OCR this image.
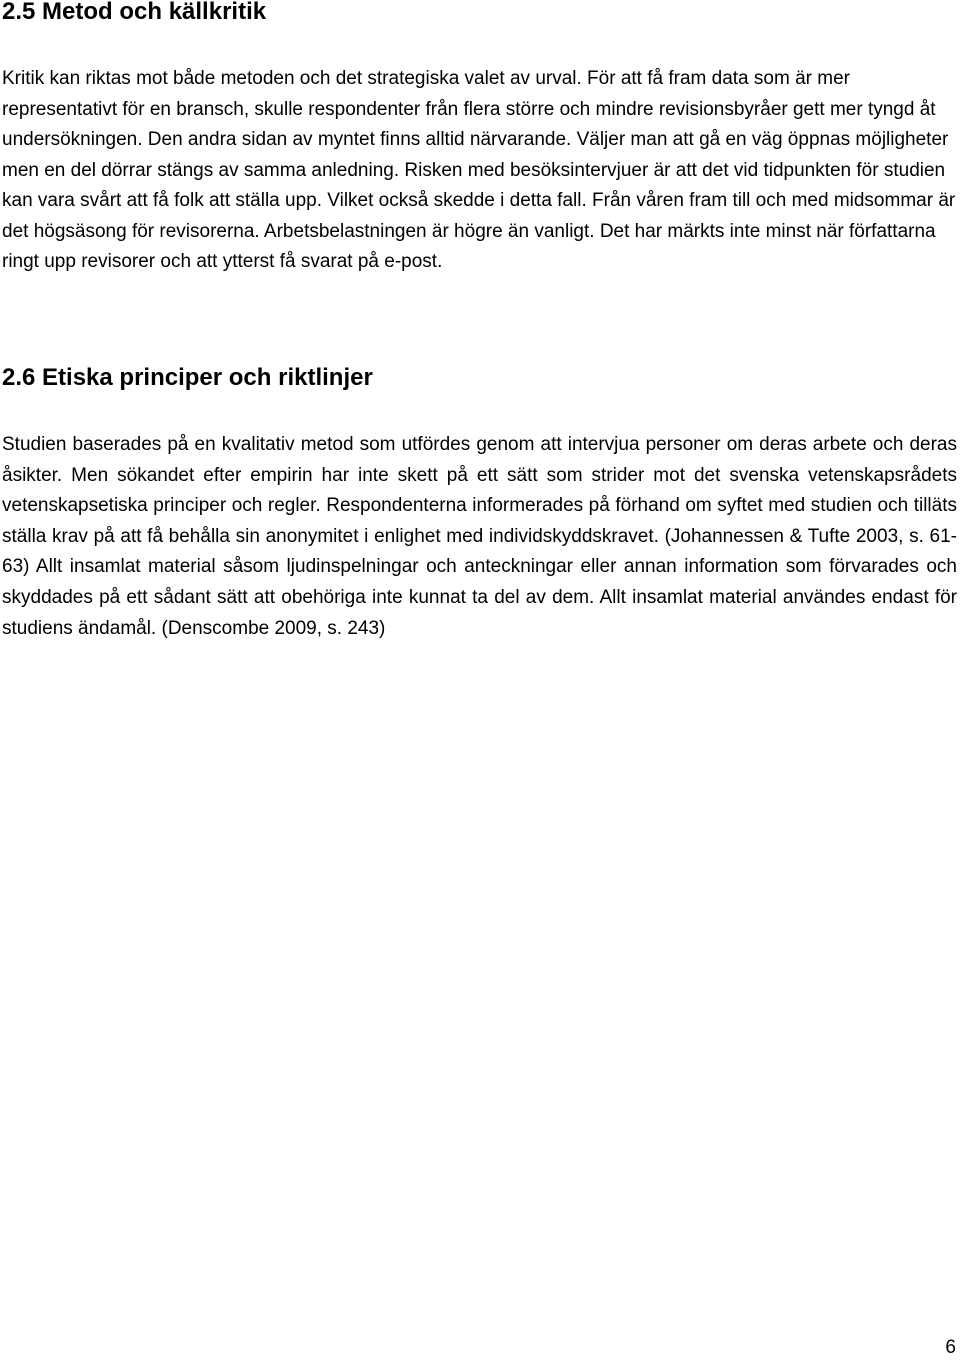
2.5 Metod och källkritik

Kritik kan riktas mot både metoden och det strategiska valet av urval. För att få fram data som är mer representativt för en bransch, skulle respondenter från flera större och mindre revisionsbyråer gett mer tyngd åt undersökningen. Den andra sidan av myntet finns alltid närvarande. Väljer man att gå en väg öppnas möjligheter men en del dörrar stängs av samma anledning. Risken med besöksintervjuer är att det vid tidpunkten för studien kan vara svårt att få folk att ställa upp. Vilket också skedde i detta fall. Från våren fram till och med midsommar är det högsäsong för revisorerna. Arbetsbelastningen är högre än vanligt. Det har märkts inte minst när författarna ringt upp revisorer och att ytterst få svarat på e-post.

2.6 Etiska principer och riktlinjer

Studien baserades på en kvalitativ metod som utfördes genom att intervjua personer om deras arbete och deras åsikter. Men sökandet efter empirin har inte skett på ett sätt som strider mot det svenska vetenskapsrådets vetenskapsetiska principer och regler. Respondenterna informerades på förhand om syftet med studien och tilläts ställa krav på att få behålla sin anonymitet i enlighet med individskyddskravet. (Johannessen & Tufte 2003, s. 61-63) Allt insamlat material såsom ljudinspelningar och anteckningar eller annan information som förvarades och skyddades på ett sådant sätt att obehöriga inte kunnat ta del av dem. Allt insamlat material användes endast för studiens ändamål. (Denscombe 2009, s. 243)

6
